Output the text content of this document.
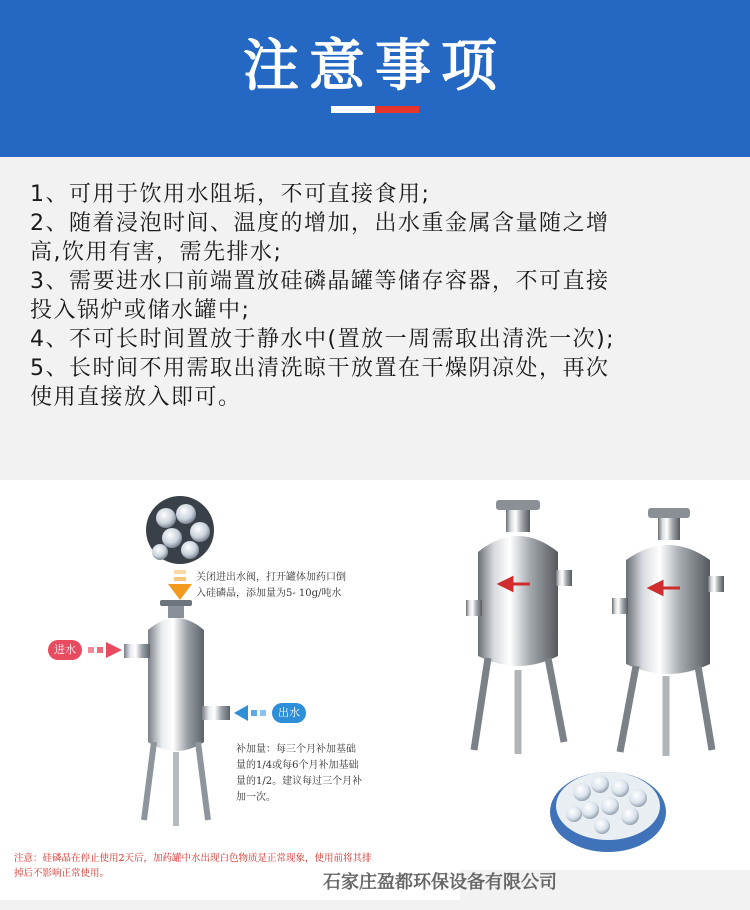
注意事项

1、可用于饮用水阻垢，不可直接食用;

2、随着浸泡时间、温度的增加，出水重金属含量随之增

高,饮用有害，需先排水;

3、需要进水口前端置放硅磷晶罐等储存容器，不可直接

投入锅炉或储水罐中;

4、不可长时间置放于静水中(置放一周需取出清洗一次);

5、长时间不用需取出清洗晾干放置在干燥阴凉处，再次

使用直接放入即可。

关闭进出水阀，打开罐体加药口倒
入硅磷晶，添加量为5- 10g/吨水
进水
出水
补加量：每三个月补加基础
量的1/4或每6个月补加基础
量的1/2。建议每过三个月补
加一次。
注意：硅磷晶在停止使用2天后，加药罐中水出现白色物质是正常现象，使用前将其排
掉后不影响正常使用。	石家庄盈都环保设备有限公司
